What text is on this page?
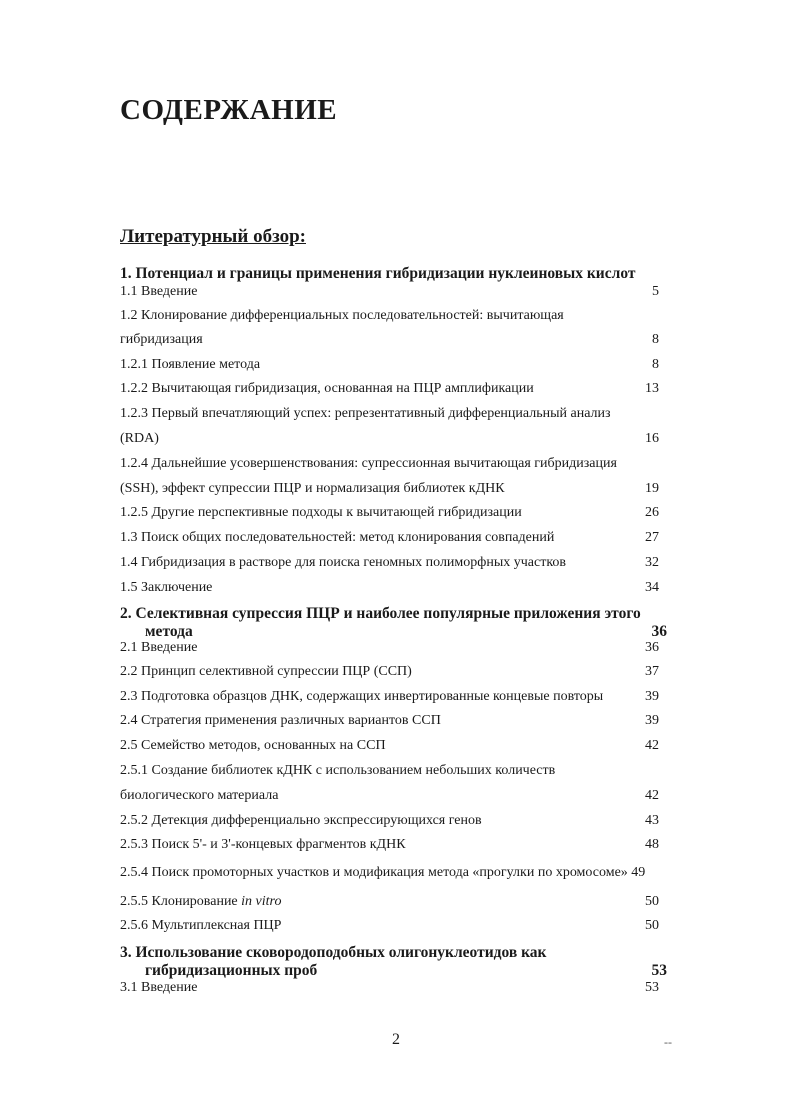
СОДЕРЖАНИЕ
Литературный обзор:
1. Потенциал и границы применения гибридизации нуклеиновых кислот
1.1 Введение	5
1.2 Клонирование дифференциальных последовательностей: вычитающая
гибридизация	8
1.2.1 Появление метода	8
1.2.2 Вычитающая гибридизация, основанная на ПЦР амплификации	13
1.2.3 Первый впечатляющий успех: репрезентативный дифференциальный анализ
(RDA)	16
1.2.4 Дальнейшие усовершенствования: супрессионная вычитающая гибридизация
(SSH), эффект супрессии ПЦР и нормализация библиотек кДНК	19
1.2.5 Другие перспективные подходы к вычитающей гибридизации	26
1.3 Поиск общих последовательностей: метод клонирования совпадений	27
1.4 Гибридизация в растворе для поиска геномных полиморфных участков	32
1.5 Заключение	34
2. Селективная супрессия ПЦР и наиболее популярные приложения этого
метода	36
2.1 Введение	36
2.2 Принцип селективной супрессии ПЦР (ССП)	37
2.3 Подготовка образцов ДНК, содержащих инвертированные концевые повторы	39
2.4 Стратегия применения различных вариантов ССП	39
2.5 Семейство методов, основанных на ССП	42
2.5.1 Создание библиотек кДНК с использованием небольших количеств
биологического материала	42
2.5.2 Детекция дифференциально экспрессирующихся генов	43
2.5.3 Поиск 5'- и 3'-концевых фрагментов кДНК	48
2.5.4 Поиск промоторных участков и модификация метода «прогулки по хромосоме» 49
2.5.5 Клонирование in vitro	50
2.5.6 Мультиплексная ПЦР	50
3. Использование сковородоподобных олигонуклеотидов как
гибридизационных проб	53
3.1 Введение	53
2	--
